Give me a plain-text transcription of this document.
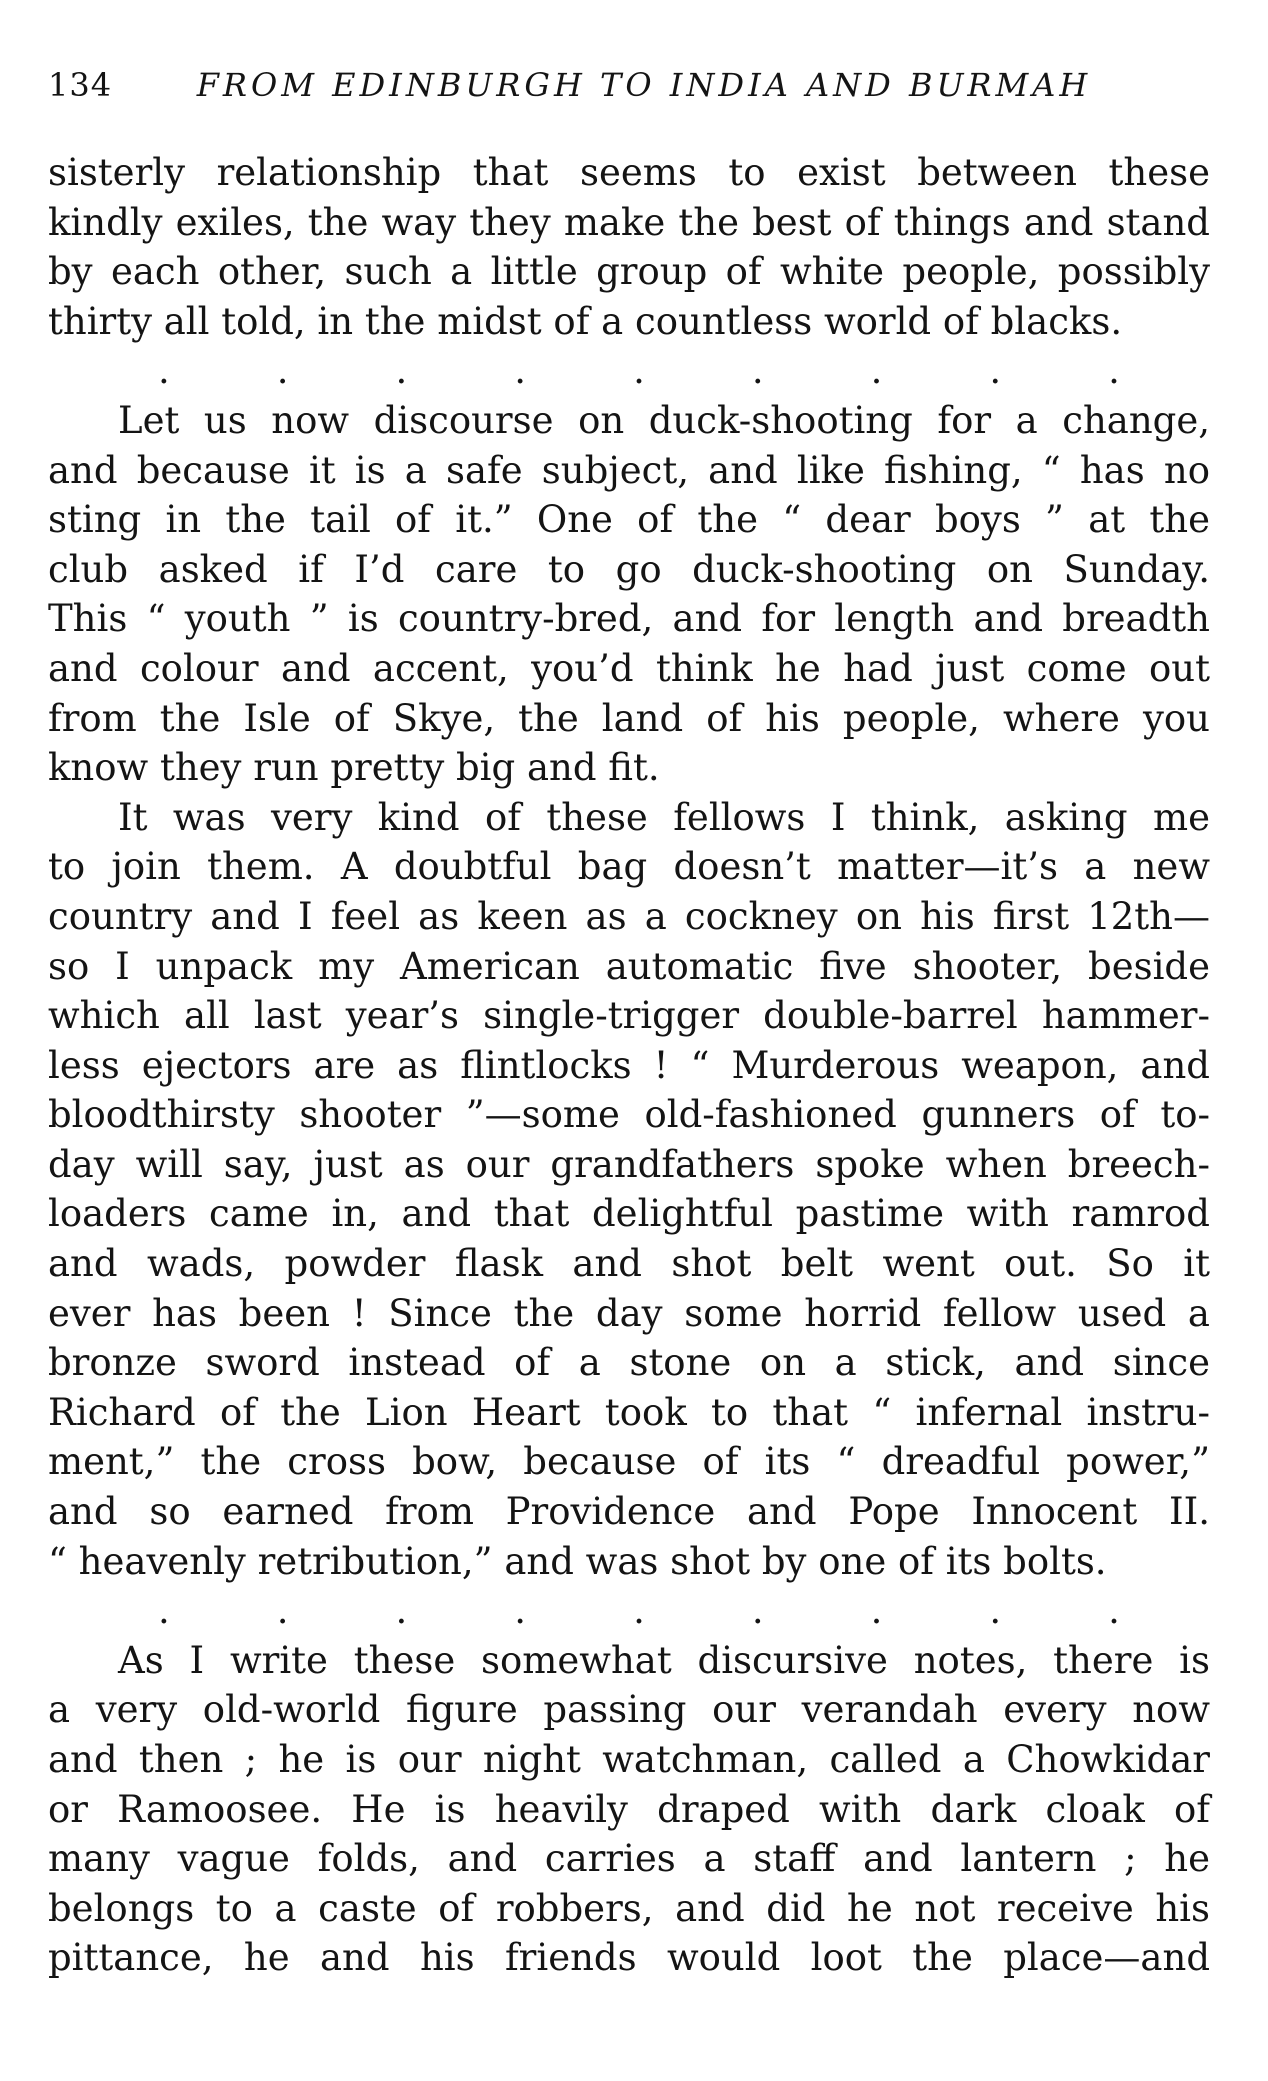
134	FROM EDINBURGH TO INDIA AND BURMAH
sisterly relationship that seems to exist between these
kindly exiles, the way they make the best of things and stand
by each other, such a little group of white people, possibly
thirty all told, in the midst of a countless world of blacks.
.	.	.	.	.	.	.	.	.
Let us now discourse on duck-shooting for a change,
and because it is a safe subject, and like fishing, “ has no
sting in the tail of it.” One of the “ dear boys ” at the
club asked if I’d care to go duck-shooting on Sunday.
This “ youth ” is country-bred, and for length and breadth
and colour and accent, you’d think he had just come out
from the Isle of Skye, the land of his people, where you
know they run pretty big and fit.
It was very kind of these fellows I think, asking me
to join them. A doubtful bag doesn’t matter—it’s a new
country and I feel as keen as a cockney on his first 12th—
so I unpack my American automatic five shooter, beside
which all last year’s single-trigger double-barrel hammer-
less ejectors are as flintlocks ! “ Murderous weapon, and
bloodthirsty shooter ”—some old-fashioned gunners of to-
day will say, just as our grandfathers spoke when breech-
loaders came in, and that delightful pastime with ramrod
and wads, powder flask and shot belt went out. So it
ever has been ! Since the day some horrid fellow used a
bronze sword instead of a stone on a stick, and since
Richard of the Lion Heart took to that “ infernal instru-
ment,” the cross bow, because of its “ dreadful power,”
and so earned from Providence and Pope Innocent II.
“ heavenly retribution,” and was shot by one of its bolts.
.	.	.	.	.	.	.	.	.
As I write these somewhat discursive notes, there is
a very old-world figure passing our verandah every now
and then ; he is our night watchman, called a Chowkidar
or Ramoosee. He is heavily draped with dark cloak of
many vague folds, and carries a staff and lantern ; he
belongs to a caste of robbers, and did he not receive his
pittance, he and his friends would loot the place—and
